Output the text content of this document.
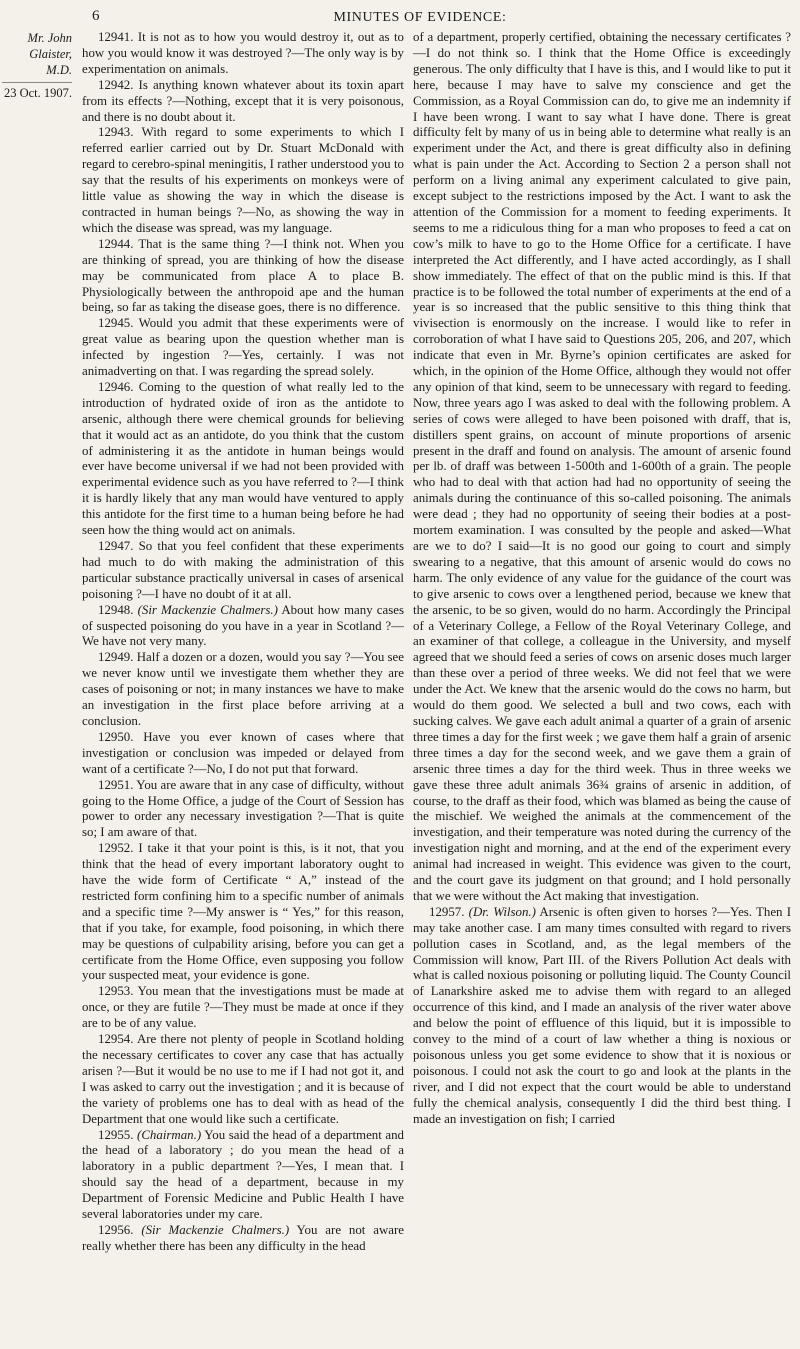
6	MINUTES OF EVIDENCE:
Mr. John Glaister, M.D.
23 Oct. 1907.

12941. It is not as to how you would destroy it, out as to how you would know it was destroyed ?—The only way is by experimentation on animals.

12942. Is anything known whatever about its toxin apart from its effects ?—Nothing, except that it is very poisonous, and there is no doubt about it.

12943. With regard to some experiments to which I referred earlier carried out by Dr. Stuart McDonald with regard to cerebro-spinal meningitis, I rather understood you to say that the results of his experiments on monkeys were of little value as showing the way in which the disease is contracted in human beings ?—No, as showing the way in which the disease was spread, was my language.

12944. That is the same thing ?—I think not. When you are thinking of spread, you are thinking of how the disease may be communicated from place A to place B. Physiologically between the anthropoid ape and the human being, so far as taking the disease goes, there is no difference.

12945. Would you admit that these experiments were of great value as bearing upon the question whether man is infected by ingestion ?—Yes, certainly. I was not animadverting on that. I was regarding the spread solely.

12946. Coming to the question of what really led to the introduction of hydrated oxide of iron as the antidote to arsenic, although there were chemical grounds for believing that it would act as an antidote, do you think that the custom of administering it as the antidote in human beings would ever have become universal if we had not been provided with experimental evidence such as you have referred to ?—I think it is hardly likely that any man would have ventured to apply this antidote for the first time to a human being before he had seen how the thing would act on animals.

12947. So that you feel confident that these experiments had much to do with making the administration of this particular substance practically universal in cases of arsenical poisoning ?—I have no doubt of it at all.

12948. (Sir Mackenzie Chalmers.) About how many cases of suspected poisoning do you have in a year in Scotland ?—We have not very many.

12949. Half a dozen or a dozen, would you say ?—You see we never know until we investigate them whether they are cases of poisoning or not; in many instances we have to make an investigation in the first place before arriving at a conclusion.

12950. Have you ever known of cases where that investigation or conclusion was impeded or delayed from want of a certificate ?—No, I do not put that forward.

12951. You are aware that in any case of difficulty, without going to the Home Office, a judge of the Court of Session has power to order any necessary investigation ?—That is quite so; I am aware of that.

12952. I take it that your point is this, is it not, that you think that the head of every important laboratory ought to have the wide form of Certificate “ A,” instead of the restricted form confining him to a specific number of animals and a specific time ?—My answer is “ Yes,” for this reason, that if you take, for example, food poisoning, in which there may be questions of culpability arising, before you can get a certificate from the Home Office, even supposing you follow your suspected meat, your evidence is gone.

12953. You mean that the investigations must be made at once, or they are futile ?—They must be made at once if they are to be of any value.

12954. Are there not plenty of people in Scotland holding the necessary certificates to cover any case that has actually arisen ?—But it would be no use to me if I had not got it, and I was asked to carry out the investigation ; and it is because of the variety of problems one has to deal with as head of the Department that one would like such a certificate.

12955. (Chairman.) You said the head of a department and the head of a laboratory ; do you mean the head of a laboratory in a public department ?—Yes, I mean that. I should say the head of a department, because in my Department of Forensic Medicine and Public Health I have several laboratories under my care.

12956. (Sir Mackenzie Chalmers.) You are not aware really whether there has been any difficulty in the head

of a department, properly certified, obtaining the necessary certificates ?—I do not think so. I think that the Home Office is exceedingly generous. The only difficulty that I have is this, and I would like to put it here, because I may have to salve my conscience and get the Commission, as a Royal Commission can do, to give me an indemnity if I have been wrong. I want to say what I have done. There is great difficulty felt by many of us in being able to determine what really is an experiment under the Act, and there is great difficulty also in defining what is pain under the Act. According to Section 2 a person shall not perform on a living animal any experiment calculated to give pain, except subject to the restrictions imposed by the Act. I want to ask the attention of the Commission for a moment to feeding experiments. It seems to me a ridiculous thing for a man who proposes to feed a cat on cow’s milk to have to go to the Home Office for a certificate. I have interpreted the Act differently, and I have acted accordingly, as I shall show immediately. The effect of that on the public mind is this. If that practice is to be followed the total number of experiments at the end of a year is so increased that the public sensitive to this thing think that vivisection is enormously on the increase. I would like to refer in corroboration of what I have said to Questions 205, 206, and 207, which indicate that even in Mr. Byrne’s opinion certificates are asked for which, in the opinion of the Home Office, although they would not offer any opinion of that kind, seem to be unnecessary with regard to feeding. Now, three years ago I was asked to deal with the following problem. A series of cows were alleged to have been poisoned with draff, that is, distillers spent grains, on account of minute proportions of arsenic present in the draff and found on analysis. The amount of arsenic found per lb. of draff was between 1-500th and 1-600th of a grain. The people who had to deal with that action had had no opportunity of seeing the animals during the continuance of this so-called poisoning. The animals were dead ; they had no opportunity of seeing their bodies at a post-mortem examination. I was consulted by the people and asked—What are we to do? I said—It is no good our going to court and simply swearing to a negative, that this amount of arsenic would do cows no harm. The only evidence of any value for the guidance of the court was to give arsenic to cows over a lengthened period, because we knew that the arsenic, to be so given, would do no harm. Accordingly the Principal of a Veterinary College, a Fellow of the Royal Veterinary College, and an examiner of that college, a colleague in the University, and myself agreed that we should feed a series of cows on arsenic doses much larger than these over a period of three weeks. We did not feel that we were under the Act. We knew that the arsenic would do the cows no harm, but would do them good. We selected a bull and two cows, each with sucking calves. We gave each adult animal a quarter of a grain of arsenic three times a day for the first week ; we gave them half a grain of arsenic three times a day for the second week, and we gave them a grain of arsenic three times a day for the third week. Thus in three weeks we gave these three adult animals 36¾ grains of arsenic in addition, of course, to the draff as their food, which was blamed as being the cause of the mischief. We weighed the animals at the commencement of the investigation, and their temperature was noted during the currency of the investigation night and morning, and at the end of the experiment every animal had increased in weight. This evidence was given to the court, and the court gave its judgment on that ground; and I hold personally that we were without the Act making that investigation.

12957. (Dr. Wilson.) Arsenic is often given to horses ?—Yes. Then I may take another case. I am many times consulted with regard to rivers pollution cases in Scotland, and, as the legal members of the Commission will know, Part III. of the Rivers Pollution Act deals with what is called noxious poisoning or polluting liquid. The County Council of Lanarkshire asked me to advise them with regard to an alleged occurrence of this kind, and I made an analysis of the river water above and below the point of effluence of this liquid, but it is impossible to convey to the mind of a court of law whether a thing is noxious or poisonous unless you get some evidence to show that it is noxious or poisonous. I could not ask the court to go and look at the plants in the river, and I did not expect that the court would be able to understand fully the chemical analysis, consequently I did the third best thing. I made an investigation on fish; I carried
